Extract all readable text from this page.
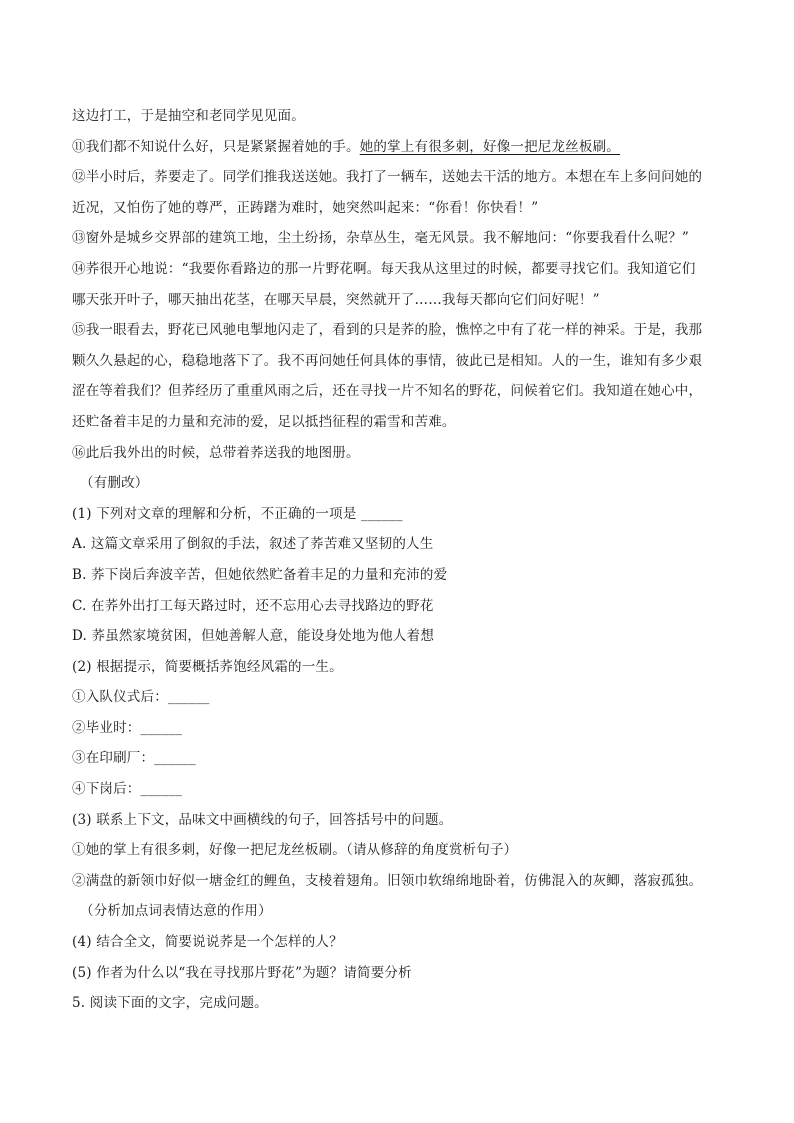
这边打工，于是抽空和老同学见见面。
⑪我们都不知说什么好，只是紧紧握着她的手。她的掌上有很多刺，好像一把尼龙丝板刷。
⑫半小时后，荞要走了。同学们推我送送她。我打了一辆车，送她去干活的地方。本想在车上多问问她的
近况，又怕伤了她的尊严，正踌躇为难时，她突然叫起来：“你看！你快看！”
⑬窗外是城乡交界部的建筑工地，尘土纷扬，杂草丛生，毫无风景。我不解地问：“你要我看什么呢？”
⑭荞很开心地说：“我要你看路边的那一片野花啊。每天我从这里过的时候，都要寻找它们。我知道它们
哪天张开叶子，哪天抽出花茎，在哪天早晨，突然就开了……我每天都向它们问好呢！”
⑮我一眼看去，野花已风驰电掣地闪走了，看到的只是荞的脸，憔悴之中有了花一样的神采。于是，我那
颗久久悬起的心，稳稳地落下了。我不再问她任何具体的事情，彼此已是相知。人的一生，谁知有多少艰
涩在等着我们？但荞经历了重重风雨之后，还在寻找一片不知名的野花，问候着它们。我知道在她心中，
还贮备着丰足的力量和充沛的爱，足以抵挡征程的霜雪和苦难。
⑯此后我外出的时候，总带着荞送我的地图册。
（有删改）
(1) 下列对文章的理解和分析，不正确的一项是 ______
A. 这篇文章采用了倒叙的手法，叙述了荞苦难又坚韧的人生
B. 荞下岗后奔波辛苦，但她依然贮备着丰足的力量和充沛的爱
C. 在荞外出打工每天路过时，还不忘用心去寻找路边的野花
D. 荞虽然家境贫困，但她善解人意，能设身处地为他人着想
(2) 根据提示，简要概括荞饱经风霜的一生。
①入队仪式后：______
②毕业时：______
③在印刷厂：______
④下岗后：______
(3) 联系上下文，品味文中画横线的句子，回答括号中的问题。
①她的掌上有很多刺，好像一把尼龙丝板刷。（请从修辞的角度赏析句子）
②满盘的新领巾好似一塘金红的鲤鱼，支棱着翅角。旧领巾软绵绵地卧着，仿佛混入的灰鲫，落寂孤独。
（分析加点词表情达意的作用）
(4) 结合全文，简要说说荞是一个怎样的人？
(5) 作者为什么以“我在寻找那片野花”为题？请简要分析
5. 阅读下面的文字，完成问题。
